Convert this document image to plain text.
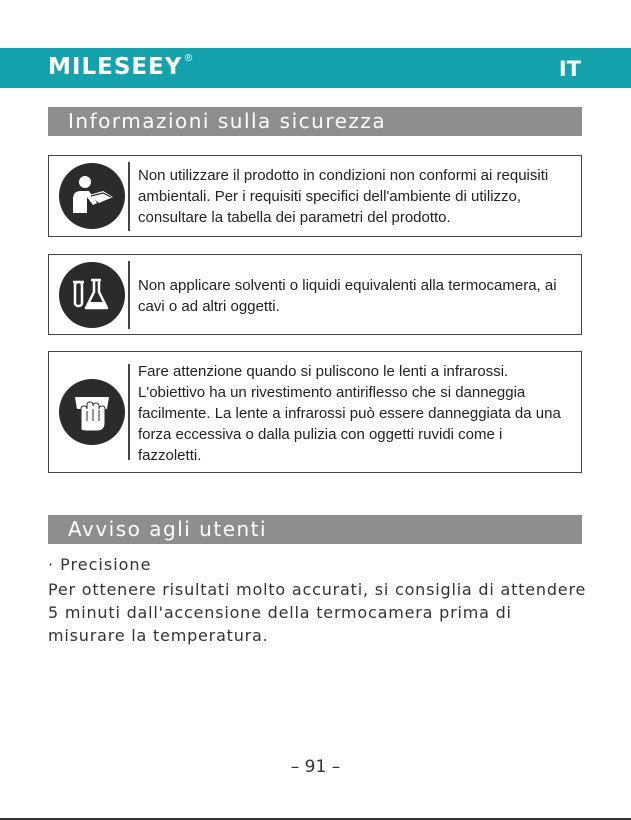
MILESEEY®	IT
Informazioni sulla sicurezza
Non utilizzare il prodotto in condizioni non conformi ai requisiti ambientali. Per i requisiti specifici dell'ambiente di utilizzo, consultare la tabella dei parametri del prodotto.
Non applicare solventi o liquidi equivalenti alla termocamera, ai cavi o ad altri oggetti.
Fare attenzione quando si puliscono le lenti a infrarossi. L'obiettivo ha un rivestimento antiriflesso che si danneggia facilmente. La lente a infrarossi può essere danneggiata da una forza eccessiva o dalla pulizia con oggetti ruvidi come i fazzoletti.
Avviso agli utenti
· Precisione
Per ottenere risultati molto accurati, si consiglia di attendere 5 minuti dall'accensione della termocamera prima di misurare la temperatura.
– 91 –
